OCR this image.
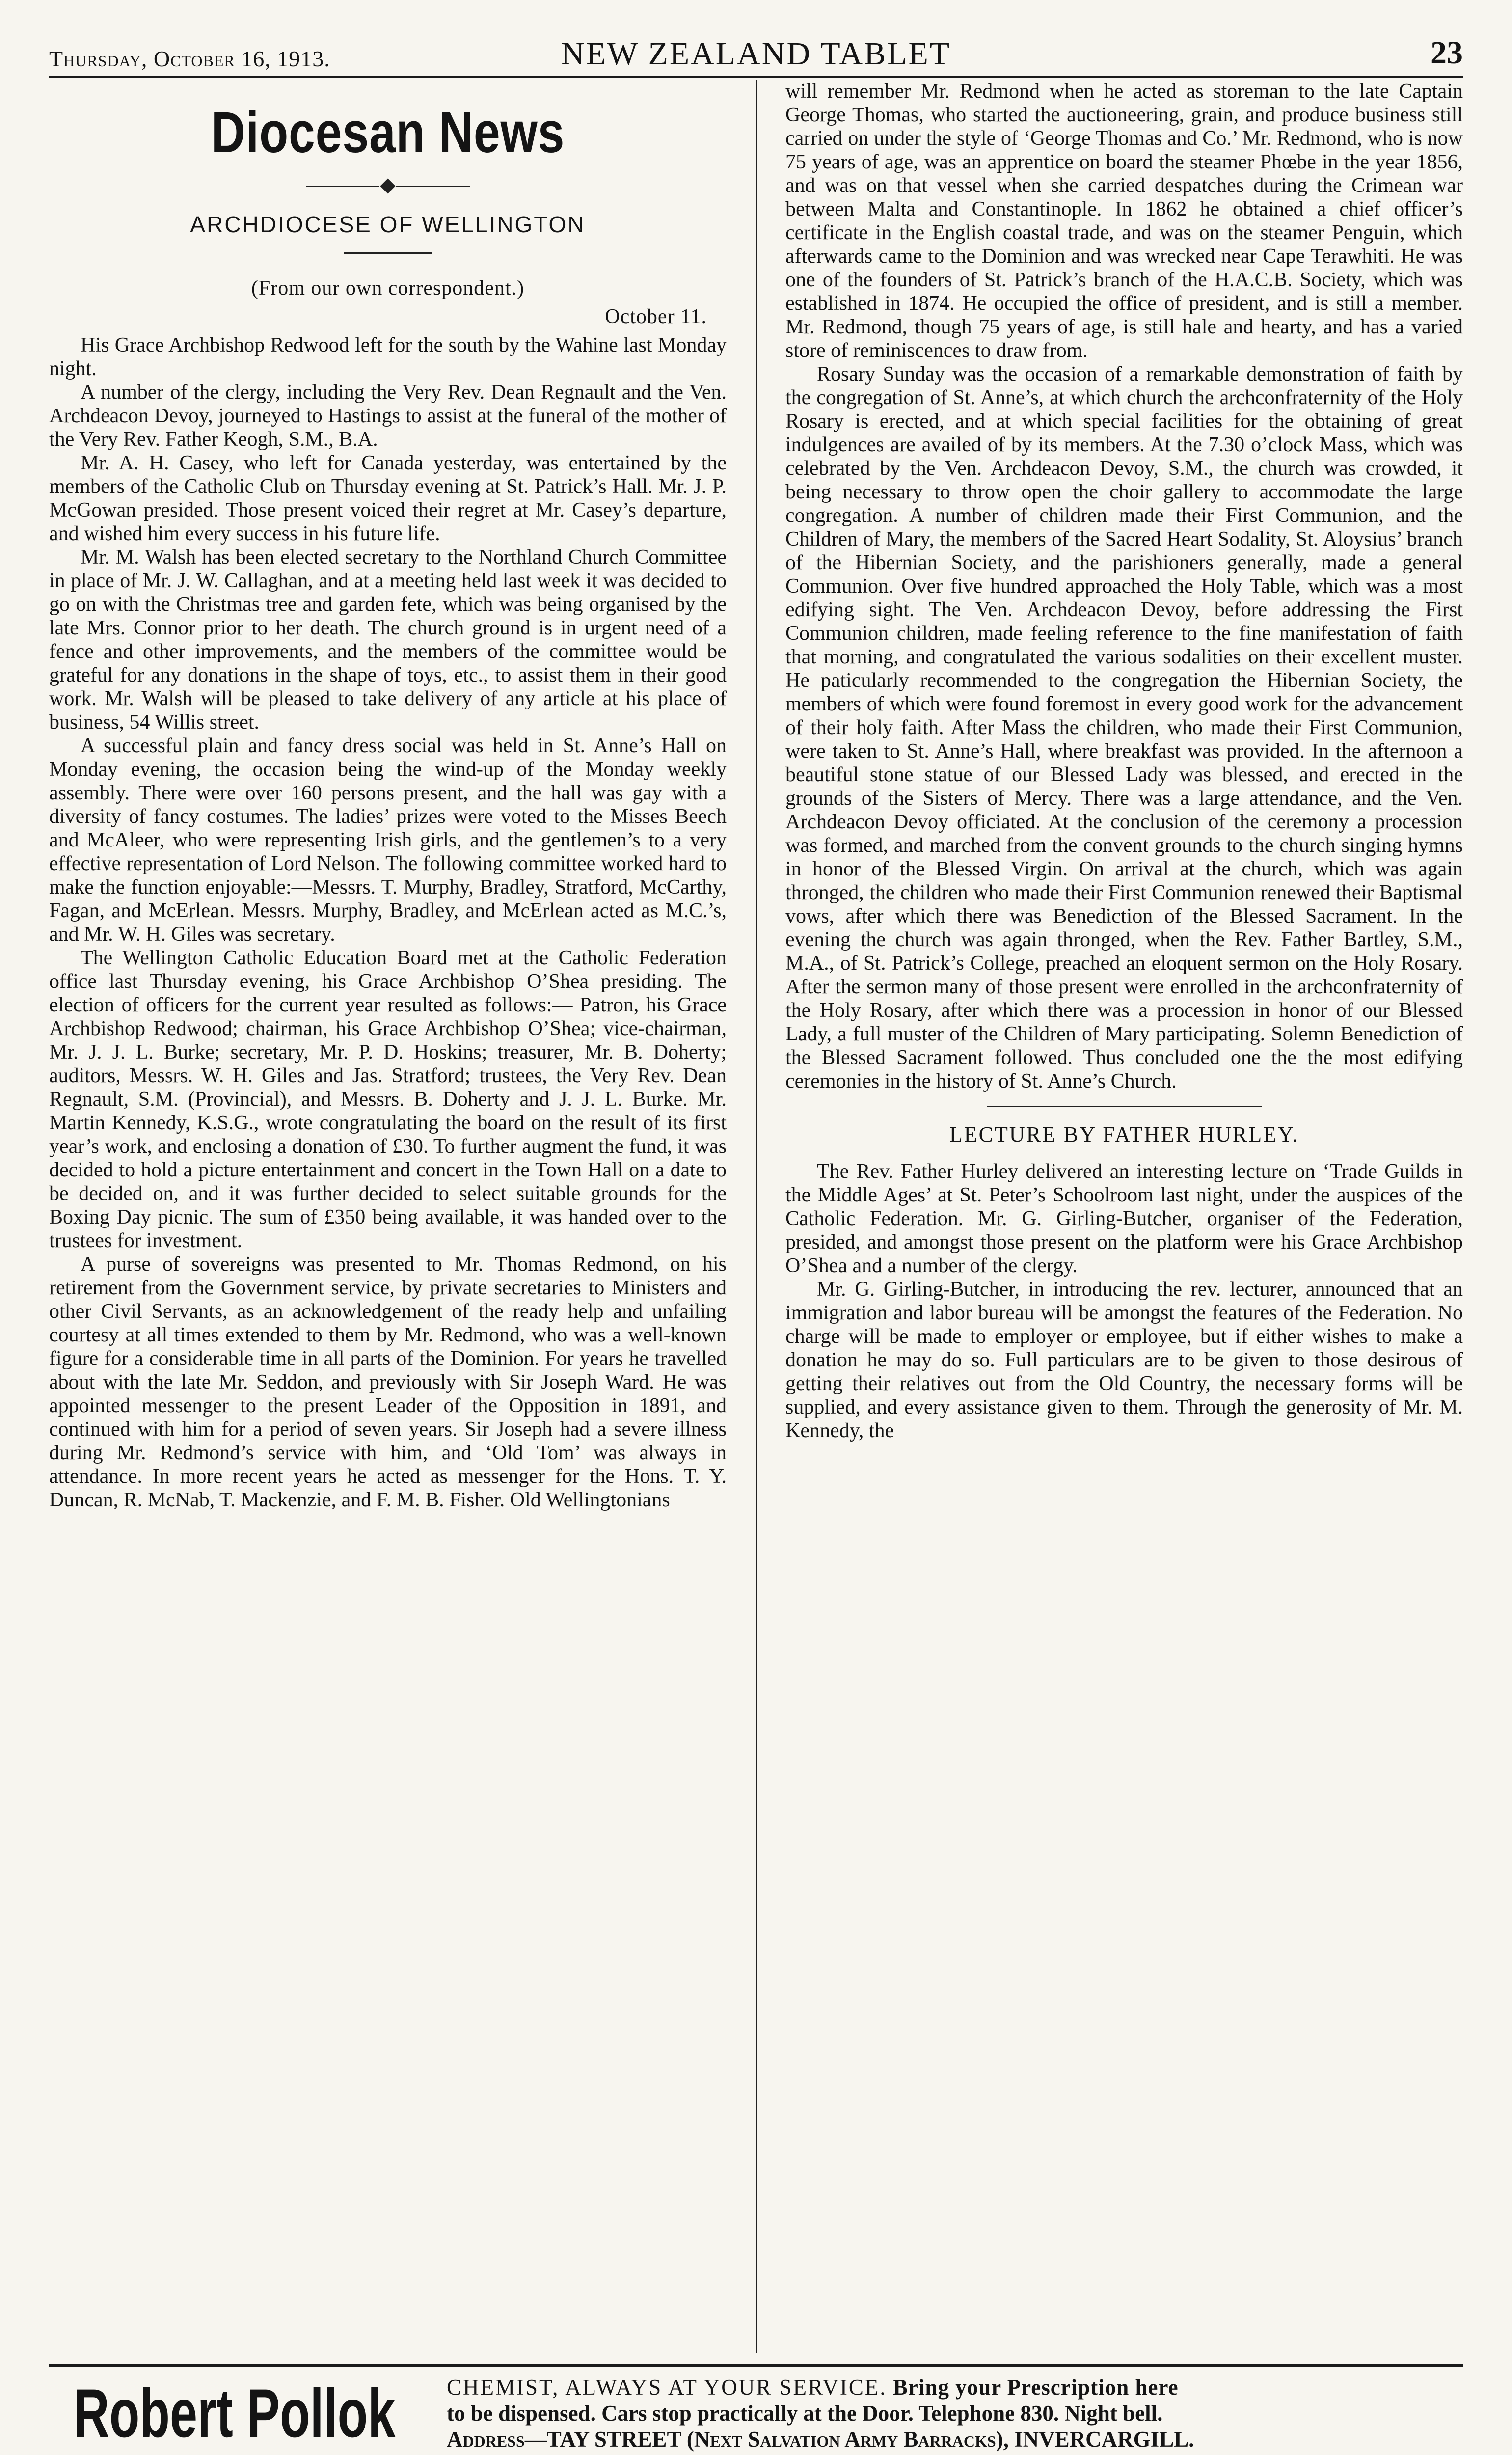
Thursday, October 16, 1913.	NEW ZEALAND TABLET	23
Diocesan News
ARCHDIOCESE OF WELLINGTON
(From our own correspondent.)
October 11.

His Grace Archbishop Redwood left for the south by the Wahine last Monday night.

A number of the clergy, including the Very Rev. Dean Regnault and the Ven. Archdeacon Devoy, journeyed to Hastings to assist at the funeral of the mother of the Very Rev. Father Keogh, S.M., B.A.

Mr. A. H. Casey, who left for Canada yesterday, was entertained by the members of the Catholic Club on Thursday evening at St. Patrick’s Hall. Mr. J. P. McGowan presided. Those present voiced their regret at Mr. Casey’s departure, and wished him every success in his future life.

Mr. M. Walsh has been elected secretary to the Northland Church Committee in place of Mr. J. W. Callaghan, and at a meeting held last week it was decided to go on with the Christmas tree and garden fete, which was being organised by the late Mrs. Connor prior to her death. The church ground is in urgent need of a fence and other improvements, and the members of the committee would be grateful for any donations in the shape of toys, etc., to assist them in their good work. Mr. Walsh will be pleased to take delivery of any article at his place of business, 54 Willis street.

A successful plain and fancy dress social was held in St. Anne’s Hall on Monday evening, the occasion being the wind-up of the Monday weekly assembly. There were over 160 persons present, and the hall was gay with a diversity of fancy costumes. The ladies’ prizes were voted to the Misses Beech and McAleer, who were representing Irish girls, and the gentlemen’s to a very effective representation of Lord Nelson. The following committee worked hard to make the function enjoyable:—Messrs. T. Murphy, Bradley, Stratford, McCarthy, Fagan, and McErlean. Messrs. Murphy, Bradley, and McErlean acted as M.C.’s, and Mr. W. H. Giles was secretary.

The Wellington Catholic Education Board met at the Catholic Federation office last Thursday evening, his Grace Archbishop O’Shea presiding. The election of officers for the current year resulted as follows:— Patron, his Grace Archbishop Redwood; chairman, his Grace Archbishop O’Shea; vice-chairman, Mr. J. J. L. Burke; secretary, Mr. P. D. Hoskins; treasurer, Mr. B. Doherty; auditors, Messrs. W. H. Giles and Jas. Stratford; trustees, the Very Rev. Dean Regnault, S.M. (Provincial), and Messrs. B. Doherty and J. J. L. Burke. Mr. Martin Kennedy, K.S.G., wrote congratulating the board on the result of its first year’s work, and enclosing a donation of £30. To further augment the fund, it was decided to hold a picture entertainment and concert in the Town Hall on a date to be decided on, and it was further decided to select suitable grounds for the Boxing Day picnic. The sum of £350 being available, it was handed over to the trustees for investment.

A purse of sovereigns was presented to Mr. Thomas Redmond, on his retirement from the Government service, by private secretaries to Ministers and other Civil Servants, as an acknowledgement of the ready help and unfailing courtesy at all times extended to them by Mr. Redmond, who was a well-known figure for a considerable time in all parts of the Dominion. For years he travelled about with the late Mr. Seddon, and previously with Sir Joseph Ward. He was appointed messenger to the present Leader of the Opposition in 1891, and continued with him for a period of seven years. Sir Joseph had a severe illness during Mr. Redmond’s service with him, and ‘Old Tom’ was always in attendance. In more recent years he acted as messenger for the Hons. T. Y. Duncan, R. McNab, T. Mackenzie, and F. M. B. Fisher. Old Wellingtonians

will remember Mr. Redmond when he acted as storeman to the late Captain George Thomas, who started the auctioneering, grain, and produce business still carried on under the style of ‘George Thomas and Co.’ Mr. Redmond, who is now 75 years of age, was an apprentice on board the steamer Phœbe in the year 1856, and was on that vessel when she carried despatches during the Crimean war between Malta and Constantinople. In 1862 he obtained a chief officer’s certificate in the English coastal trade, and was on the steamer Penguin, which afterwards came to the Dominion and was wrecked near Cape Terawhiti. He was one of the founders of St. Patrick’s branch of the H.A.C.B. Society, which was established in 1874. He occupied the office of president, and is still a member. Mr. Redmond, though 75 years of age, is still hale and hearty, and has a varied store of reminiscences to draw from.

Rosary Sunday was the occasion of a remarkable demonstration of faith by the congregation of St. Anne’s, at which church the archconfraternity of the Holy Rosary is erected, and at which special facilities for the obtaining of great indulgences are availed of by its members. At the 7.30 o’clock Mass, which was celebrated by the Ven. Archdeacon Devoy, S.M., the church was crowded, it being necessary to throw open the choir gallery to accommodate the large congregation. A number of children made their First Communion, and the Children of Mary, the members of the Sacred Heart Sodality, St. Aloysius’ branch of the Hibernian Society, and the parishioners generally, made a general Communion. Over five hundred approached the Holy Table, which was a most edifying sight. The Ven. Archdeacon Devoy, before addressing the First Communion children, made feeling reference to the fine manifestation of faith that morning, and congratulated the various sodalities on their excellent muster. He paticularly recommended to the congregation the Hibernian Society, the members of which were found foremost in every good work for the advancement of their holy faith. After Mass the children, who made their First Communion, were taken to St. Anne’s Hall, where breakfast was provided. In the afternoon a beautiful stone statue of our Blessed Lady was blessed, and erected in the grounds of the Sisters of Mercy. There was a large attendance, and the Ven. Archdeacon Devoy officiated. At the conclusion of the ceremony a procession was formed, and marched from the convent grounds to the church singing hymns in honor of the Blessed Virgin. On arrival at the church, which was again thronged, the children who made their First Communion renewed their Baptismal vows, after which there was Benediction of the Blessed Sacrament. In the evening the church was again thronged, when the Rev. Father Bartley, S.M., M.A., of St. Patrick’s College, preached an eloquent sermon on the Holy Rosary. After the sermon many of those present were enrolled in the archconfraternity of the Holy Rosary, after which there was a procession in honor of our Blessed Lady, a full muster of the Children of Mary participating. Solemn Benediction of the Blessed Sacrament followed. Thus concluded one the the most edifying ceremonies in the history of St. Anne’s Church.

LECTURE BY FATHER HURLEY.

The Rev. Father Hurley delivered an interesting lecture on ‘Trade Guilds in the Middle Ages’ at St. Peter’s Schoolroom last night, under the auspices of the Catholic Federation. Mr. G. Girling-Butcher, organiser of the Federation, presided, and amongst those present on the platform were his Grace Archbishop O’Shea and a number of the clergy.

Mr. G. Girling-Butcher, in introducing the rev. lecturer, announced that an immigration and labor bureau will be amongst the features of the Federation. No charge will be made to employer or employee, but if either wishes to make a donation he may do so. Full particulars are to be given to those desirous of getting their relatives out from the Old Country, the necessary forms will be supplied, and every assistance given to them. Through the generosity of Mr. M. Kennedy, the

Robert Pollok CHEMIST, ALWAYS AT YOUR SERVICE. Bring your Prescription here
to be dispensed. Cars stop practically at the Door. Telephone 830. Night bell.
Address—TAY STREET (Next Salvation Army Barracks), INVERCARGILL.
